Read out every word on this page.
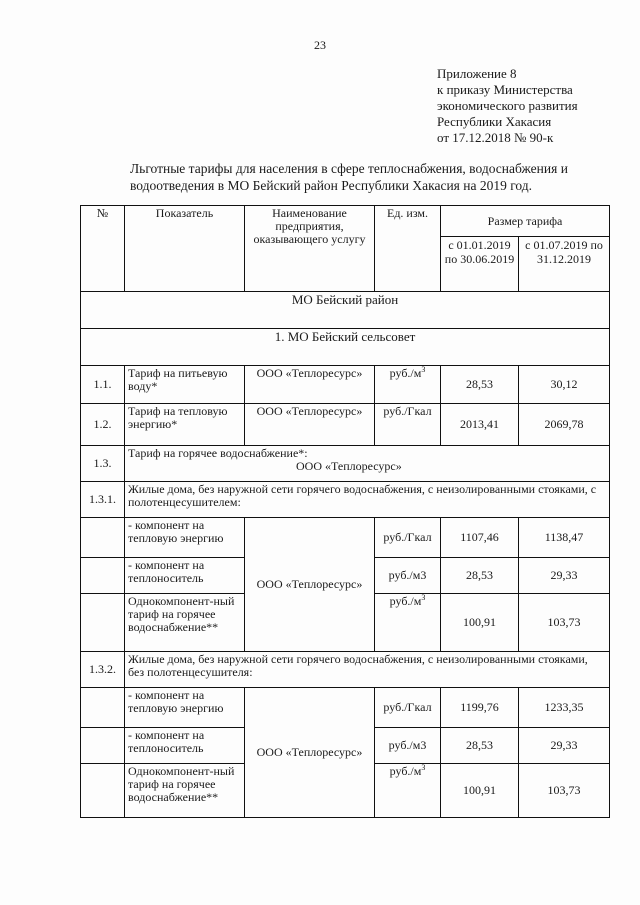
23
Приложение 8
к приказу Министерства
экономического развития
Республики Хакасия
от 17.12.2018 № 90-к
Льготные тарифы для населения в сфере теплоснабжения, водоснабжения и водоотведения в МО Бейский район Республики Хакасия на 2019 год.
№	Показатель	Наименование предприятия, оказывающего услугу	Ед. изм.	Размер тарифа	
				с 01.01.2019 по 30.06.2019	с 01.07.2019 по 31.12.2019
МО Бейский район					
1. МО Бейский сельсовет					
1.1.	Тариф на питьевую воду*	ООО «Теплоресурс»	$руб./м^3$	28,53	30,12
1.2.	Тариф на тепловую энергию*	ООО «Теплоресурс»	руб./Гкал	2013,41	2069,78
1.3.	Тариф на горячее водоснабжение*:
ООО «Теплоресурс»				

1.3.1.	Жилые дома, без наружной сети горячего водоснабжения, с неизолированными стояками, с полотенцесушителем:				
	- компонент на тепловую энергию	ООО «Теплоресурс»	руб./Гкал	1107,46	1138,47
	- компонент на теплоноситель		руб./м3	28,53	29,33
	Однокомпонент-ный тариф на горячее водоснабжение**		$руб./м^3$	100,91	103,73
1.3.2.	Жилые дома, без наружной сети горячего водоснабжения, с неизолированными стояками, без полотенцесушителя:				
	- компонент на тепловую энергию	ООО «Теплоресурс»	руб./Гкал	1199,76	1233,35
	- компонент на теплоноситель		руб./м3	28,53	29,33
	Однокомпонент-ный тариф на горячее водоснабжение**		$руб./м^3$	100,91	103,73
